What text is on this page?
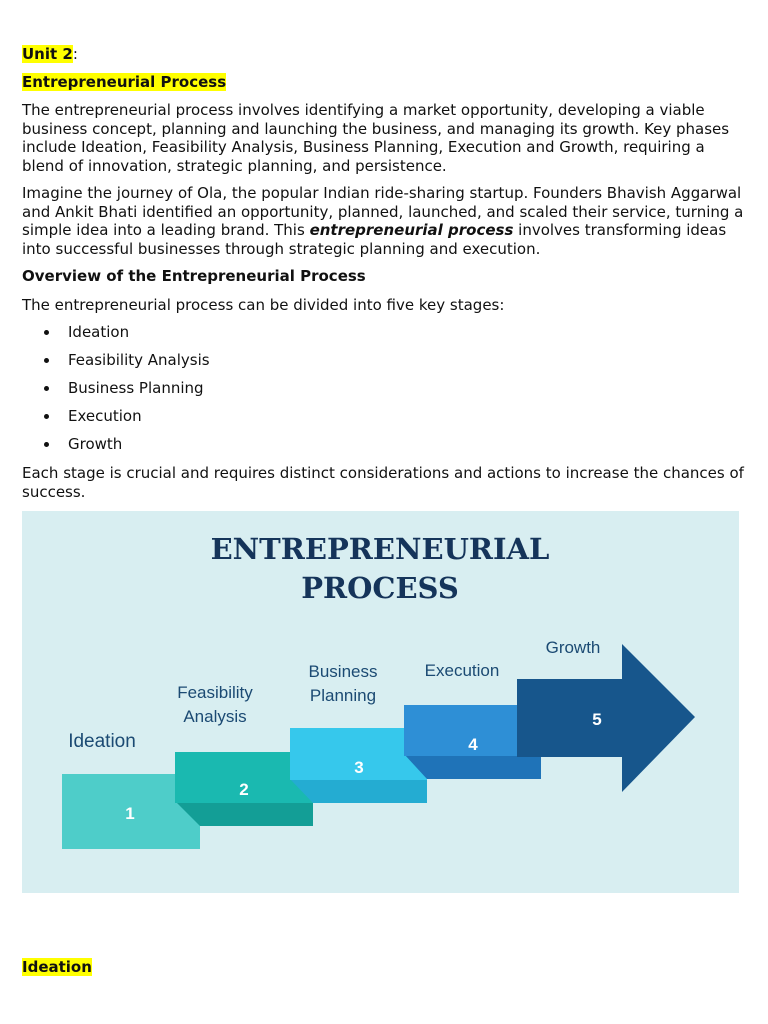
Unit 2:
Entrepreneurial Process

The entrepreneurial process involves identifying a market opportunity, developing a viable business concept, planning and launching the business, and managing its growth. Key phases include Ideation, Feasibility Analysis, Business Planning, Execution and Growth, requiring a blend of innovation, strategic planning, and persistence.

Imagine the journey of Ola, the popular Indian ride-sharing startup. Founders Bhavish Aggarwal and Ankit Bhati identified an opportunity, planned, launched, and scaled their service, turning a simple idea into a leading brand. This entrepreneurial process involves transforming ideas into successful businesses through strategic planning and execution.

Overview of the Entrepreneurial Process

The entrepreneurial process can be divided into five key stages:

Ideation
Feasibility Analysis
Business Planning
Execution
Growth

Each stage is crucial and requires distinct considerations and actions to increase the chances of success.

Ideation
ENTREPRENEURIAL
PROCESS
1
2
3
4
5
Ideation
Feasibility
Analysis
Business
Planning
Execution
Growth
